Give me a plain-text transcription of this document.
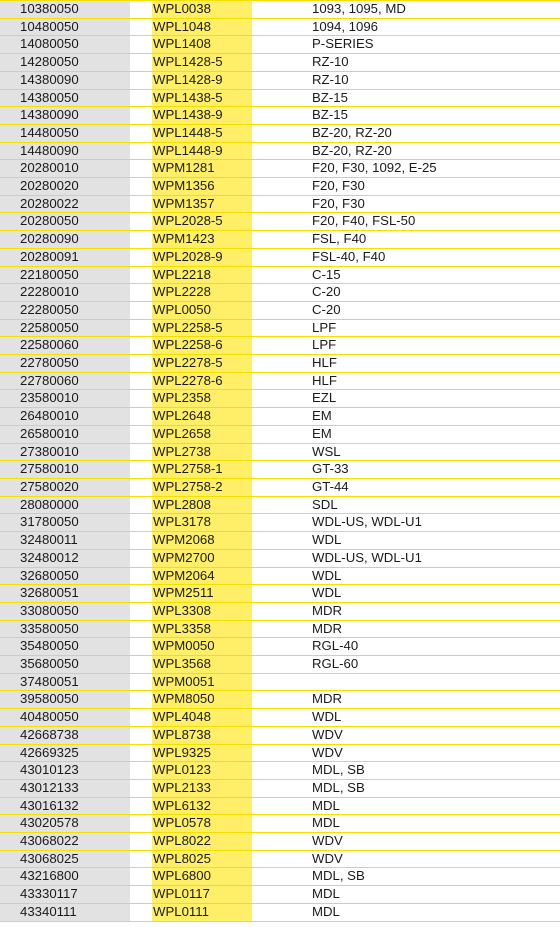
10380050		WPL0038		1093, 1095, MD
10480050		WPL1048		1094, 1096
14080050		WPL1408		P-SERIES
14280050		WPL1428-5		RZ-10
14380090		WPL1428-9		RZ-10
14380050		WPL1438-5		BZ-15
14380090		WPL1438-9		BZ-15
14480050		WPL1448-5		BZ-20, RZ-20
14480090		WPL1448-9		BZ-20, RZ-20
20280010		WPM1281		F20, F30, 1092, E-25
20280020		WPM1356		F20, F30
20280022		WPM1357		F20, F30
20280050		WPL2028-5		F20, F40, FSL-50
20280090		WPM1423		FSL, F40
20280091		WPL2028-9		FSL-40, F40
22180050		WPL2218		C-15
22280010		WPL2228		C-20
22280050		WPL0050		C-20
22580050		WPL2258-5		LPF
22580060		WPL2258-6		LPF
22780050		WPL2278-5		HLF
22780060		WPL2278-6		HLF
23580010		WPL2358		EZL
26480010		WPL2648		EM
26580010		WPL2658		EM
27380010		WPL2738		WSL
27580010		WPL2758-1		GT-33
27580020		WPL2758-2		GT-44
28080000		WPL2808		SDL
31780050		WPL3178		WDL-US, WDL-U1
32480011		WPM2068		WDL
32480012		WPM2700		WDL-US, WDL-U1
32680050		WPM2064		WDL
32680051		WPM2511		WDL
33080050		WPL3308		MDR
33580050		WPL3358		MDR
35480050		WPM0050		RGL-40
35680050		WPL3568		RGL-60
37480051		WPM0051		
39580050		WPM8050		MDR
40480050		WPL4048		WDL
42668738		WPL8738		WDV
42669325		WPL9325		WDV
43010123		WPL0123		MDL, SB
43012133		WPL2133		MDL, SB
43016132		WPL6132		MDL
43020578		WPL0578		MDL
43068022		WPL8022		WDV
43068025		WPL8025		WDV
43216800		WPL6800		MDL, SB
43330117		WPL0117		MDL
43340111		WPL0111		MDL
